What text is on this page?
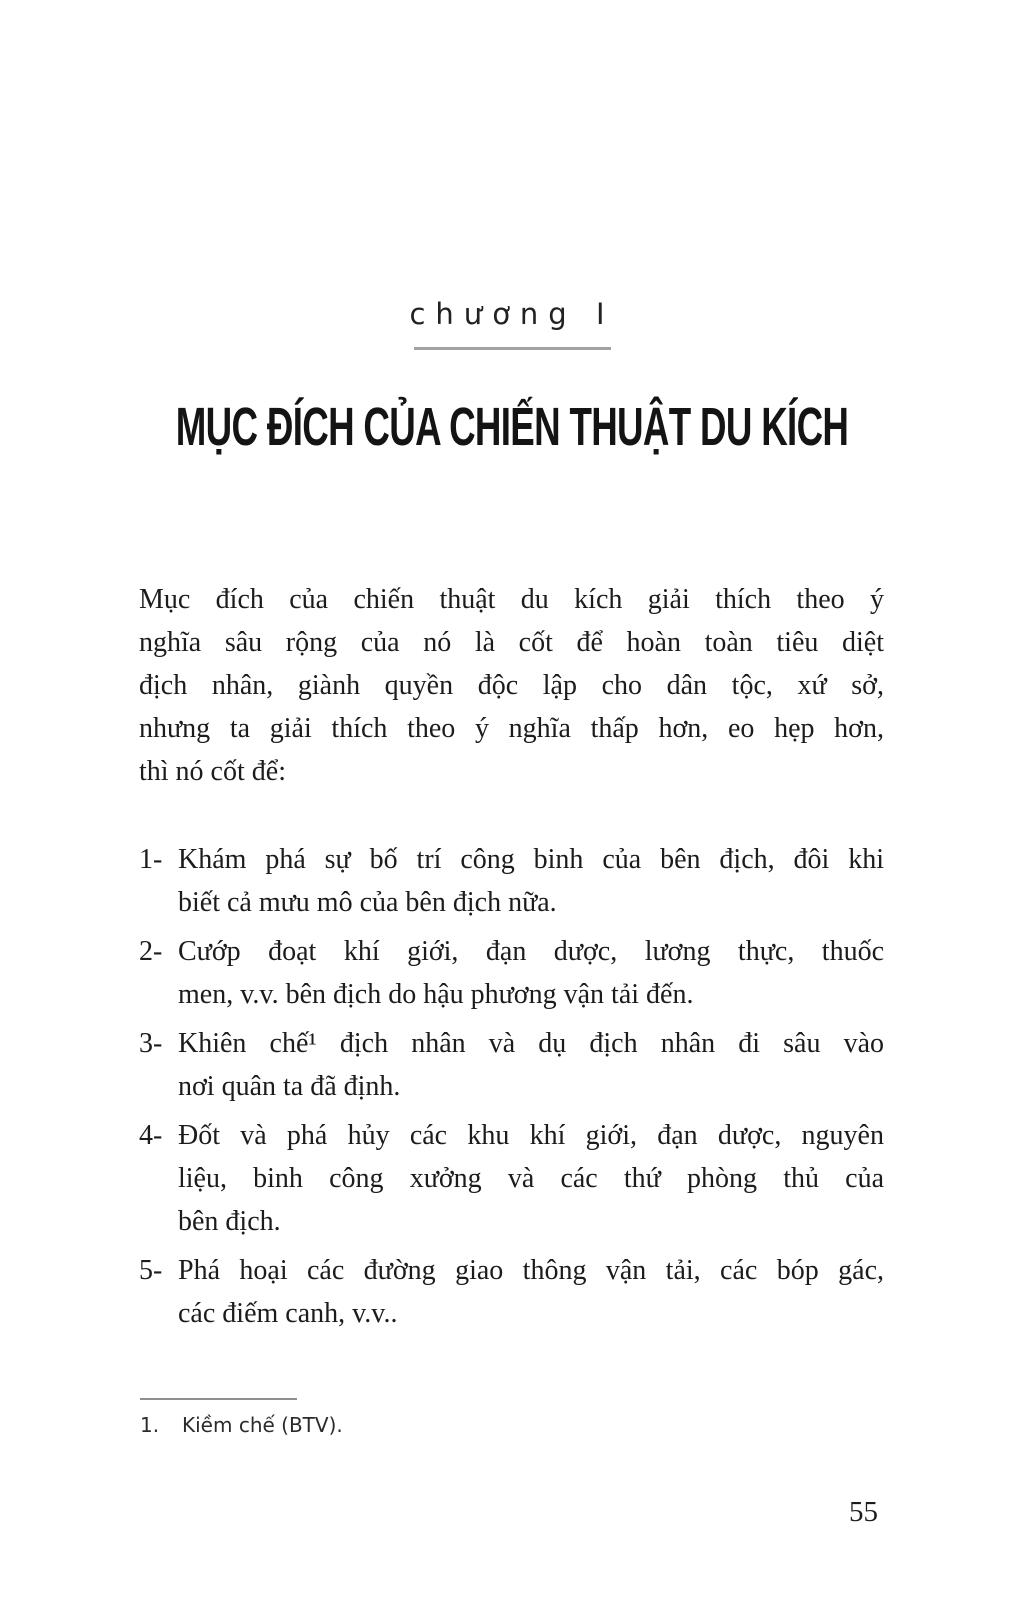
chương I
MỤC ĐÍCH CỦA CHIẾN THUẬT DU KÍCH
Mục đích của chiến thuật du kích giải thích theo ý
nghĩa sâu rộng của nó là cốt để hoàn toàn tiêu diệt
địch nhân, giành quyền độc lập cho dân tộc, xứ sở,
nhưng ta giải thích theo ý nghĩa thấp hơn, eo hẹp hơn,
thì nó cốt để:
1- Khám phá sự bố trí công binh của bên địch, đôi khi
biết cả mưu mô của bên địch nữa.
2- Cướp đoạt khí giới, đạn dược, lương thực, thuốc
men, v.v. bên địch do hậu phương vận tải đến.
3- Khiên chế¹ địch nhân và dụ địch nhân đi sâu vào
nơi quân ta đã định.
4- Đốt và phá hủy các khu khí giới, đạn dược, nguyên
liệu, binh công xưởng và các thứ phòng thủ của
bên địch.
5- Phá hoại các đường giao thông vận tải, các bóp gác,
các điếm canh, v.v..
1.	Kiềm chế (BTV).
55
